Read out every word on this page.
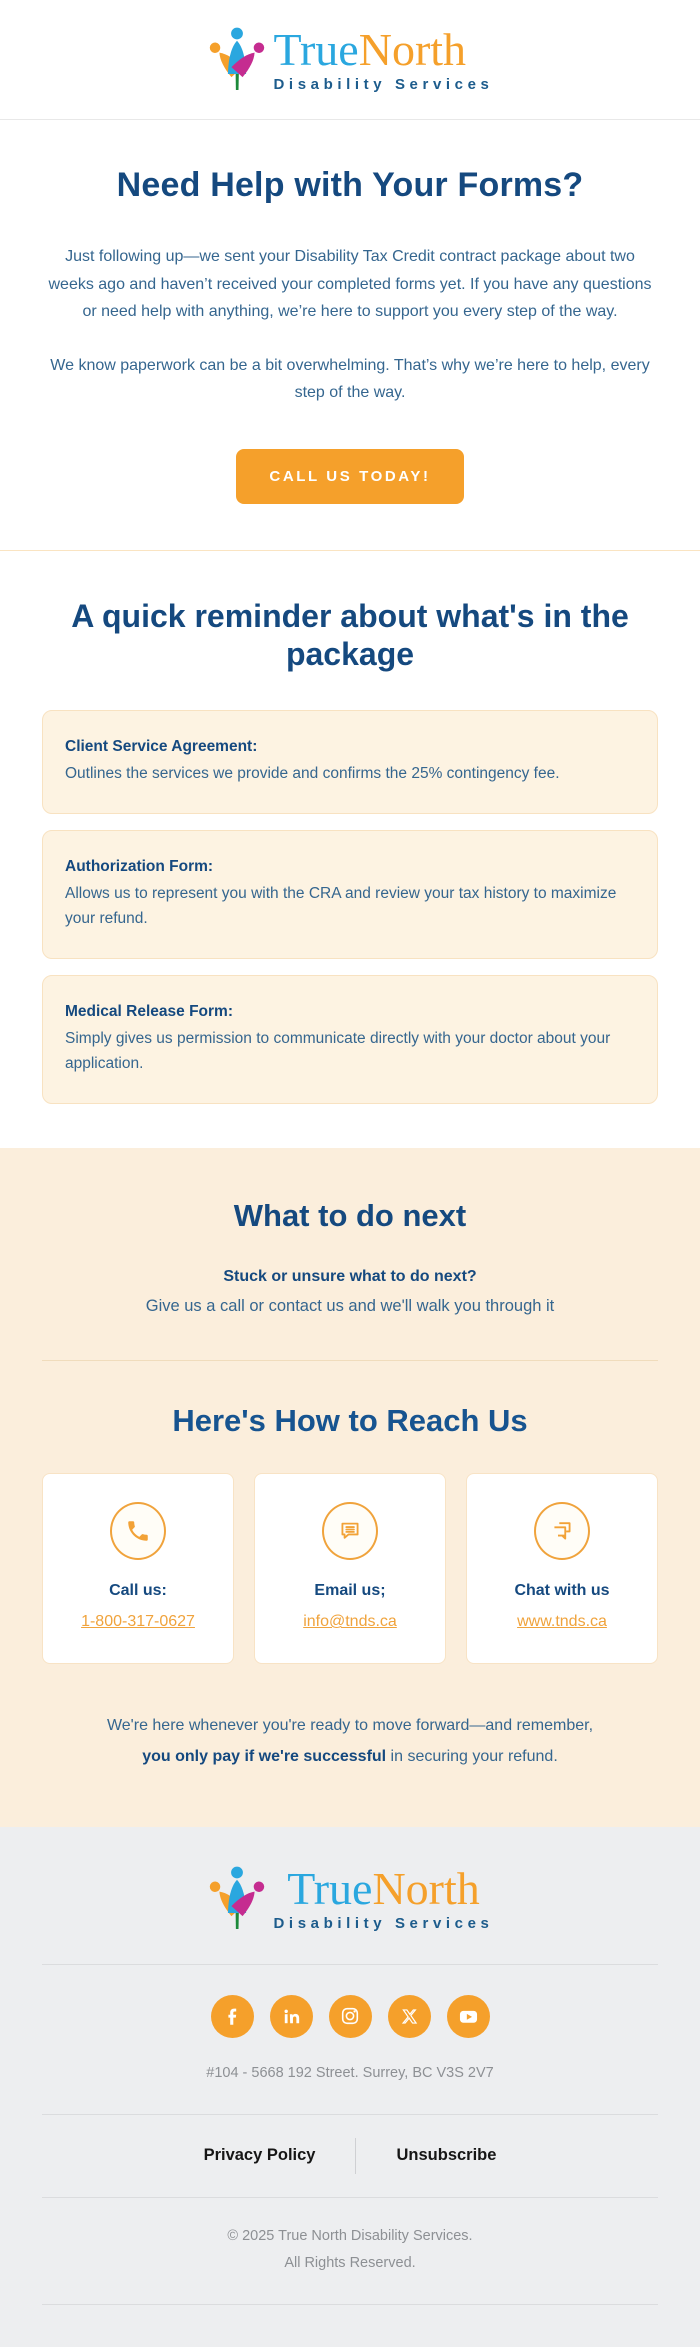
TrueNorth
Disability Services
Need Help with Your Forms?

Just following up—we sent your Disability Tax Credit contract package about two weeks ago and haven’t received your completed forms yet. If you have any questions or need help with anything, we’re here to support you every step of the way.

We know paperwork can be a bit overwhelming. That’s why we’re here to help, every step of the way.

CALL US TODAY!
A quick reminder about what's in the package
Client Service Agreement:
Outlines the services we provide and confirms the 25% contingency fee.
Authorization Form:
Allows us to represent you with the CRA and review your tax history to maximize your refund.
Medical Release Form:
Simply gives us permission to communicate directly with your doctor about your application.
What to do next

Stuck or unsure what to do next?

Give us a call or contact us and we'll walk you through it

Here's How to Reach Us
Call us:
1-800-317-0627
Email us;
info@tnds.ca
Chat with us
www.tnds.ca

We're here whenever you're ready to move forward—and remember,
you only pay if we're successful in securing your refund.

TrueNorth
Disability Services
#104 - 5668 192 Street. Surrey, BC V3S 2V7
Privacy Policy	Unsubscribe
© 2025 True North Disability Services.
All Rights Reserved.
